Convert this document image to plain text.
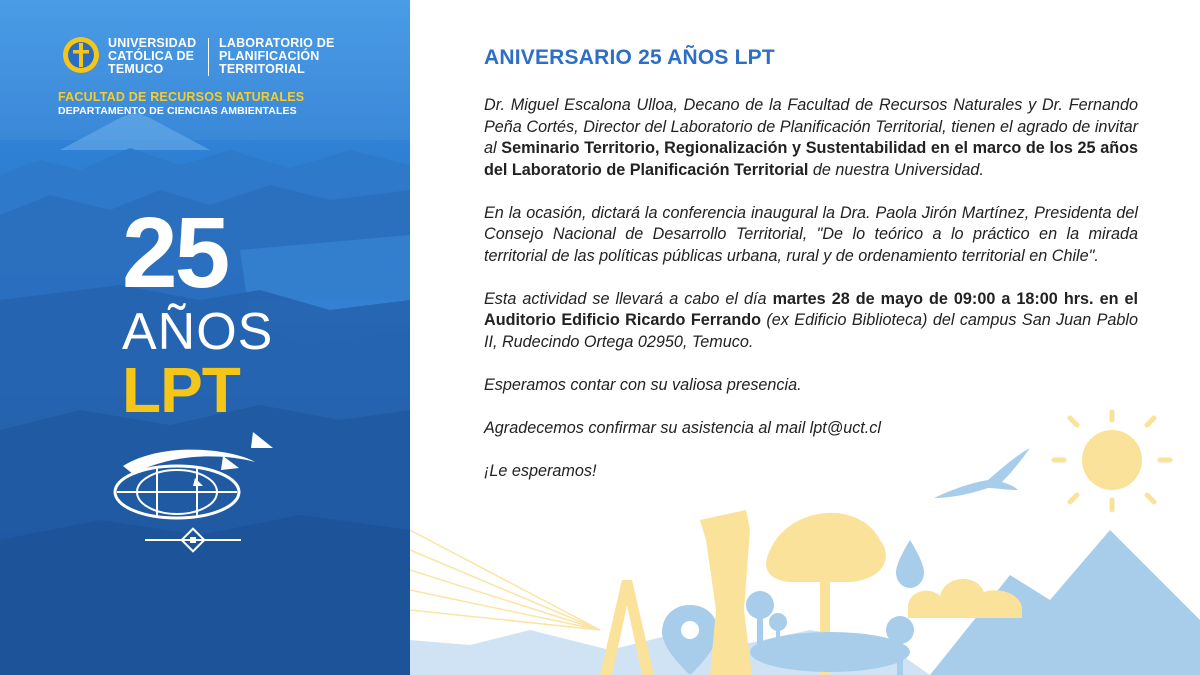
UNIVERSIDAD
CATÓLICA DE
TEMUCO
LABORATORIO DE
PLANIFICACIÓN
TERRITORIAL
FACULTAD DE RECURSOS NATURALES
DEPARTAMENTO DE CIENCIAS AMBIENTALES
25
AÑOS
LPT
ANIVERSARIO 25 AÑOS LPT

Dr. Miguel Escalona Ulloa, Decano de la Facultad de Recursos Naturales y Dr. Fernando Peña Cortés, Director del Laboratorio de Planificación Territorial, tienen el agrado de invitar al Seminario Territorio, Regionalización y Sustentabilidad en el marco de los 25 años del Laboratorio de Planificación Territorial de nuestra Universidad.

En la ocasión, dictará la conferencia inaugural la Dra. Paola Jirón Martínez, Presidenta del Consejo Nacional de Desarrollo Territorial, "De lo teórico a lo práctico en la mirada territorial de las políticas públicas urbana, rural y de ordenamiento territorial en Chile".

Esta actividad se llevará a cabo el día martes 28 de mayo de 09:00 a 18:00 hrs. en el Auditorio Edificio Ricardo Ferrando (ex Edificio Biblioteca) del campus San Juan Pablo II, Rudecindo Ortega 02950, Temuco.

Esperamos contar con su valiosa presencia.

Agradecemos confirmar su asistencia al mail lpt@uct.cl

¡Le esperamos!
